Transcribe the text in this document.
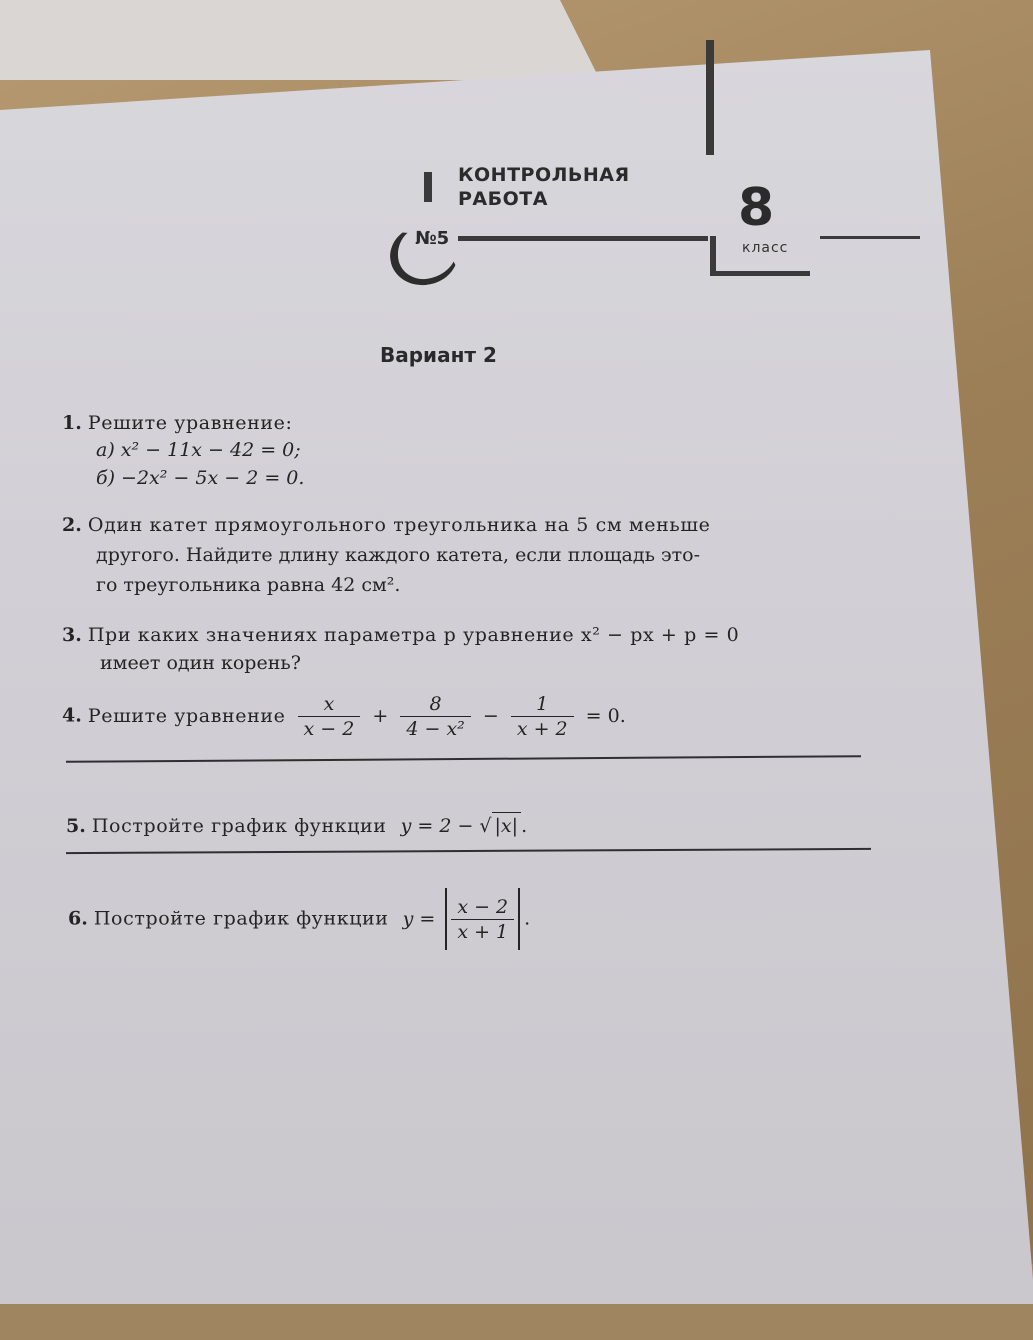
КОНТРОЛЬНАЯ
РАБОТА
№5
8
класс
Вариант 2
1. Решите уравнение:
а) x² − 11x − 42 = 0;
б) −2x² − 5x − 2 = 0.
2. Один катет прямоугольного треугольника на 5 см меньше
другого. Найдите длину каждого катета, если площадь это-
го треугольника равна 42 см².
3. При каких значениях параметра p уравнение x² − px + p = 0
имеет один корень?
4. Решите уравнение $\frac{x}{x - 2} + \frac{8}{\text{4 − x²}} - \frac{1}{x + 2} = 0$.
5. Постройте график функции y = 2 − √ |x| .
6. Постройте график функции $y = \frac{x - 2}{x + 1}$ .
